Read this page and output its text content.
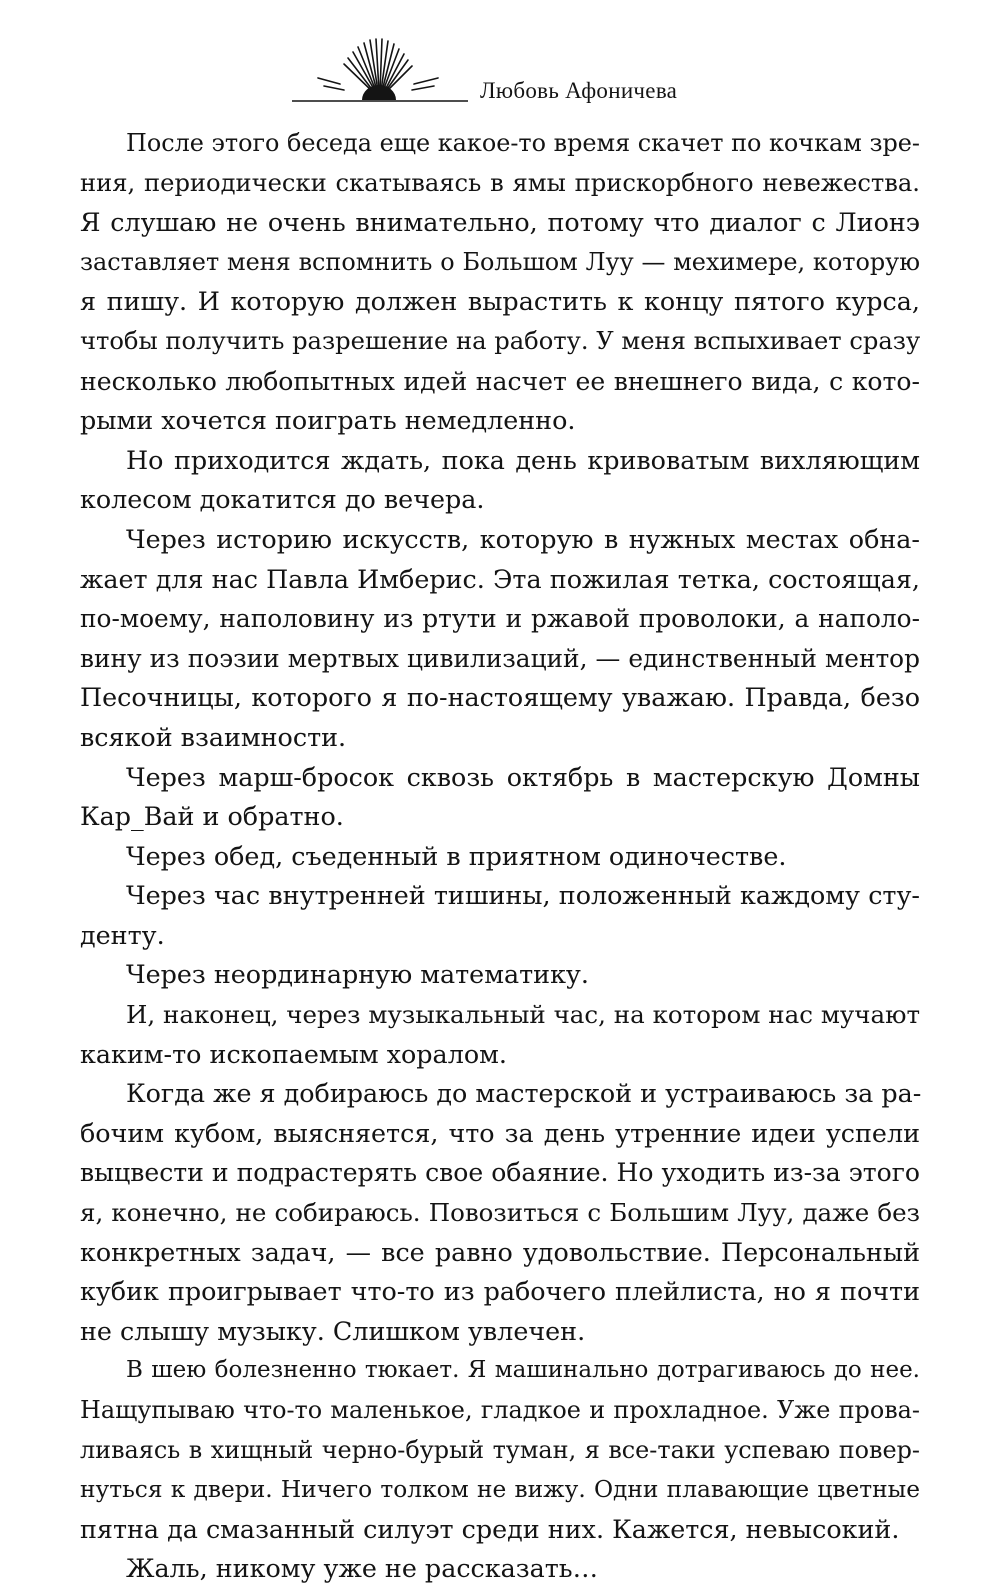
Любовь Афоничева
После этого беседа еще какое-то время скачет по кочкам зре-
ния, периодически скатываясь в ямы прискорбного невежества.
Я слушаю не очень внимательно, потому что диалог с Лионэ
заставляет меня вспомнить о Большом Луу — мехимере, которую
я пишу. И которую должен вырастить к концу пятого курса,
чтобы получить разрешение на работу. У меня вспыхивает сразу
несколько любопытных идей насчет ее внешнего вида, с кото-
рыми хочется поиграть немедленно.
Но приходится ждать, пока день кривоватым вихляющим
колесом докатится до вечера.
Через историю искусств, которую в нужных местах обна-
жает для нас Павла Имберис. Эта пожилая тетка, состоящая,
по-моему, наполовину из ртути и ржавой проволоки, а наполо-
вину из поэзии мертвых цивилизаций, — единственный ментор
Песочницы, которого я по-настоящему уважаю. Правда, безо
всякой взаимности.
Через марш-бросок сквозь октябрь в мастерскую Домны
Кар_Вай и обратно.
Через обед, съеденный в приятном одиночестве.
Через час внутренней тишины, положенный каждому сту-
денту.
Через неординарную математику.
И, наконец, через музыкальный час, на котором нас мучают
каким-то ископаемым хоралом.
Когда же я добираюсь до мастерской и устраиваюсь за ра-
бочим кубом, выясняется, что за день утренние идеи успели
выцвести и подрастерять свое обаяние. Но уходить из-за этого
я, конечно, не собираюсь. Повозиться с Большим Луу, даже без
конкретных задач, — все равно удовольствие. Персональный
кубик проигрывает что-то из рабочего плейлиста, но я почти
не слышу музыку. Слишком увлечен.
В шею болезненно тюкает. Я машинально дотрагиваюсь до нее.
Нащупываю что-то маленькое, гладкое и прохладное. Уже прова-
ливаясь в хищный черно-бурый туман, я все-таки успеваю повер-
нуться к двери. Ничего толком не вижу. Одни плавающие цветные
пятна да смазанный силуэт среди них. Кажется, невысокий.
Жаль, никому уже не рассказать…
